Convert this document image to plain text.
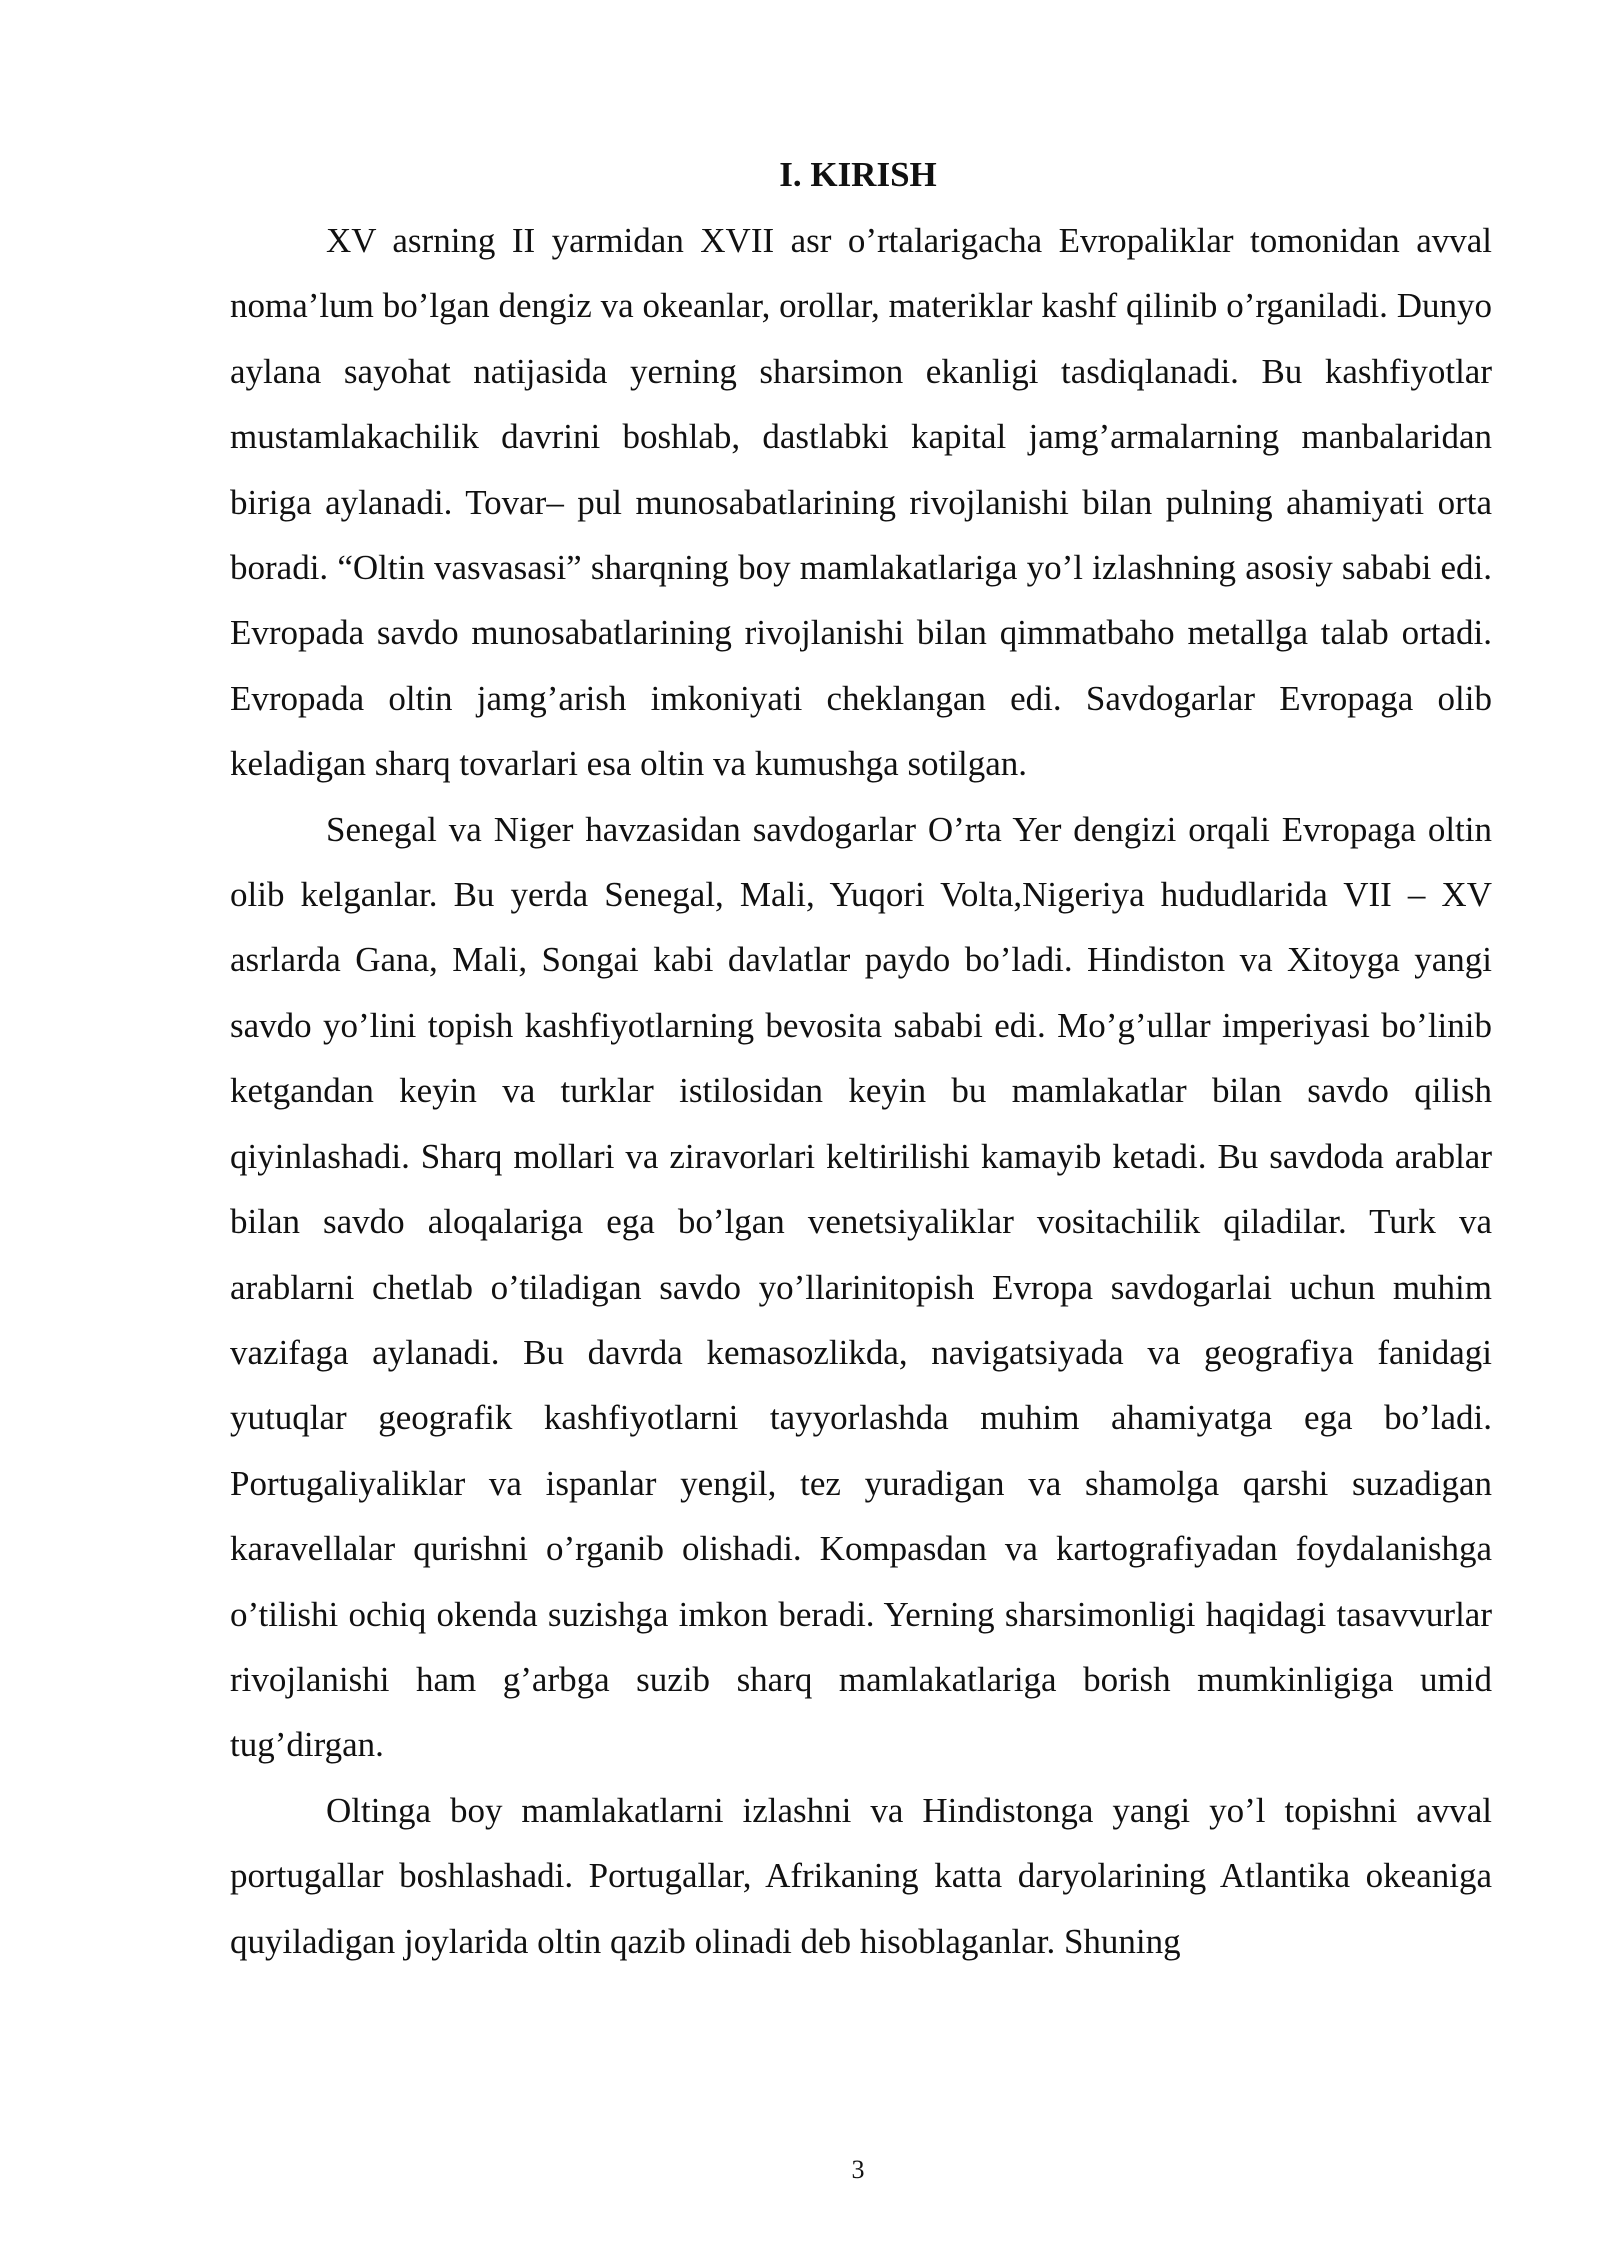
I. KIRISH

XV asrning II yarmidan XVII asr o’rtalarigacha Evropaliklar tomonidan avval noma’lum bo’lgan dengiz va okeanlar, orollar, materiklar kashf qilinib o’rganiladi. Dunyo aylana sayohat natijasida yerning sharsimon ekanligi tasdiqlanadi. Bu kashfiyotlar mustamlakachilik davrini boshlab, dastlabki kapital jamg’armalarning manbalaridan biriga aylanadi. Tovar– pul munosabatlarining rivojlanishi bilan pulning ahamiyati orta boradi. “Oltin vasvasasi” sharqning boy mamlakatlariga yo’l izlashning asosiy sababi edi. Evropada savdo munosabatlarining rivojlanishi bilan qimmatbaho metallga talab ortadi. Evropada oltin jamg’arish imkoniyati cheklangan edi. Savdogarlar Evropaga olib keladigan sharq tovarlari esa oltin va kumushga sotilgan.

Senegal va Niger havzasidan savdogarlar O’rta Yer dengizi orqali Evropaga oltin olib kelganlar. Bu yerda Senegal, Mali, Yuqori Volta,Nigeriya hududlarida VII – XV asrlarda Gana, Mali, Songai kabi davlatlar paydo bo’ladi. Hindiston va Xitoyga yangi savdo yo’lini topish kashfiyotlarning bevosita sababi edi. Mo’g’ullar imperiyasi bo’linib ketgandan keyin va turklar istilosidan keyin bu mamlakatlar bilan savdo qilish qiyinlashadi. Sharq mollari va ziravorlari keltirilishi kamayib ketadi. Bu savdoda arablar bilan savdo aloqalariga ega bo’lgan venetsiyaliklar vositachilik qiladilar. Turk va arablarni chetlab o’tiladigan savdo yo’llarinitopish Evropa savdogarlai uchun muhim vazifaga aylanadi. Bu davrda kemasozlikda, navigatsiyada va geografiya fanidagi yutuqlar geografik kashfiyotlarni tayyorlashda muhim ahamiyatga ega bo’ladi. Portugaliyaliklar va ispanlar yengil, tez yuradigan va shamolga qarshi suzadigan karavellalar qurishni o’rganib olishadi. Kompasdan va kartografiyadan foydalanishga o’tilishi ochiq okenda suzishga imkon beradi. Yerning sharsimonligi haqidagi tasavvurlar rivojlanishi ham g’arbga suzib sharq mamlakatlariga borish mumkinligiga umid tug’dirgan.

Oltinga boy mamlakatlarni izlashni va Hindistonga yangi yo’l topishni avval portugallar boshlashadi. Portugallar, Afrikaning katta daryolarining Atlantika okeaniga quyiladigan joylarida oltin qazib olinadi deb hisoblaganlar. Shuning

3
